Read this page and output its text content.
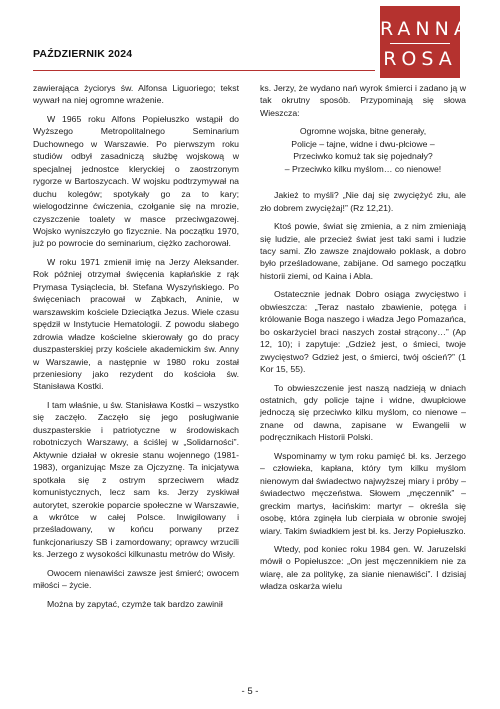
PAŹDZIERNIK 2024
RANNA
ROSA

zawierająca życiorys św. Alfonsa Liguoriego; tekst wywarł na niej ogromne wrażenie.

W 1965 roku Alfons Popiełuszko wstąpił do Wyższego Metropolitalnego Seminarium Duchownego w Warszawie. Po pierwszym roku studiów odbył zasadniczą służbę wojskową w specjalnej jednostce kleryckiej o zaostrzonym rygorze w Bartoszycach. W wojsku podtrzymywał na duchu kolegów; spotykały go za to kary; wielogodzinne ćwiczenia, czołganie się na mrozie, czyszczenie toalety w masce przeciwgazowej. Wojsko wyniszczyło go fizycznie. Na początku 1970, już po powrocie do seminarium, ciężko zachorował.

W roku 1971 zmienił imię na Jerzy Aleksander. Rok później otrzymał święcenia kapłańskie z rąk Prymasa Tysiąclecia, bł. Stefana Wyszyńskiego. Po święceniach pracował w Ząbkach, Aninie, w warszawskim kościele Dzieciątka Jezus. Wiele czasu spędził w Instytucie Hematologii. Z powodu słabego zdrowia władze kościelne skierowały go do pracy duszpasterskiej przy kościele akademickim św. Anny w Warszawie, a następnie w 1980 roku został przeniesiony jako rezydent do kościoła św. Stanisława Kostki.

I tam właśnie, u św. Stanisława Kostki – wszystko się zaczęło. Zaczęło się jego posługiwanie duszpasterskie i patriotyczne w środowiskach robotniczych Warszawy, a ściślej w „Solidarności”. Aktywnie działał w okresie stanu wojennego (1981-1983), organizując Msze za Ojczyznę. Ta inicjatywa spotkała się z ostrym sprzeciwem władz komunistycznych, lecz sam ks. Jerzy zyskiwał autorytet, szerokie poparcie społeczne w Warszawie, a wkrótce w całej Polsce. Inwigilowany i prześladowany, w końcu porwany przez funkcjonariuszy SB i zamordowany; oprawcy wrzucili ks. Jerzego z wysokości kilkunastu metrów do Wisły.

Owocem nienawiści zawsze jest śmierć; owocem miłości – życie.

Można by zapytać, czymże tak bardzo zawinił

ks. Jerzy, że wydano nań wyrok śmierci i zadano ją w tak okrutny sposób. Przypominają się słowa Wieszcza:

Ogromne wojska, bitne generały,
Policje – tajne, widne i dwu-płciowe –
Przeciwko komuż tak się pojednały?
– Przeciwko kilku myślom… co nienowe!

Jakież to myśli? „Nie daj się zwyciężyć złu, ale zło dobrem zwyciężaj!” (Rz 12,21).

Ktoś powie, świat się zmienia, a z nim zmieniają się ludzie, ale przecież świat jest taki sami i ludzie tacy sami. Zło zawsze znajdowało poklask, a dobro było prześladowane, zabijane. Od samego początku historii ziemi, od Kaina i Abla.

Ostatecznie jednak Dobro osiąga zwycięstwo i obwieszcza: „Teraz nastało zbawienie, potęga i królowanie Boga naszego i władza Jego Pomazańca, bo oskarżyciel braci naszych został strącony…” (Ap 12, 10); i zapytuje: „Gdzież jest, o śmieci, twoje zwycięstwo? Gdzież jest, o śmierci, twój oścień?” (1 Kor 15, 55).

To obwieszczenie jest naszą nadzieją w dniach ostatnich, gdy policje tajne i widne, dwupłciowe jednoczą się przeciwko kilku myślom, co nienowe – znane od dawna, zapisane w Ewangelii w podręcznikach Historii Polski.

Wspominamy w tym roku pamięć bł. ks. Jerzego – człowieka, kapłana, który tym kilku myślom nienowym dał świadectwo najwyższej miary i próby – świadectwo męczeństwa. Słowem „męczennik” – greckim martys, łacińskim: martyr – określa się osobę, która zginęła lub cierpiała w obronie swojej wiary. Takim świadkiem jest bł. ks. Jerzy Popiełuszko.

Wtedy, pod koniec roku 1984 gen. W. Jaruzelski mówił o Popiełuszce: „On jest męczennikiem nie za wiarę, ale za politykę, za sianie nienawiści”. I dzisiaj władza oskarża wielu

- 5 -
